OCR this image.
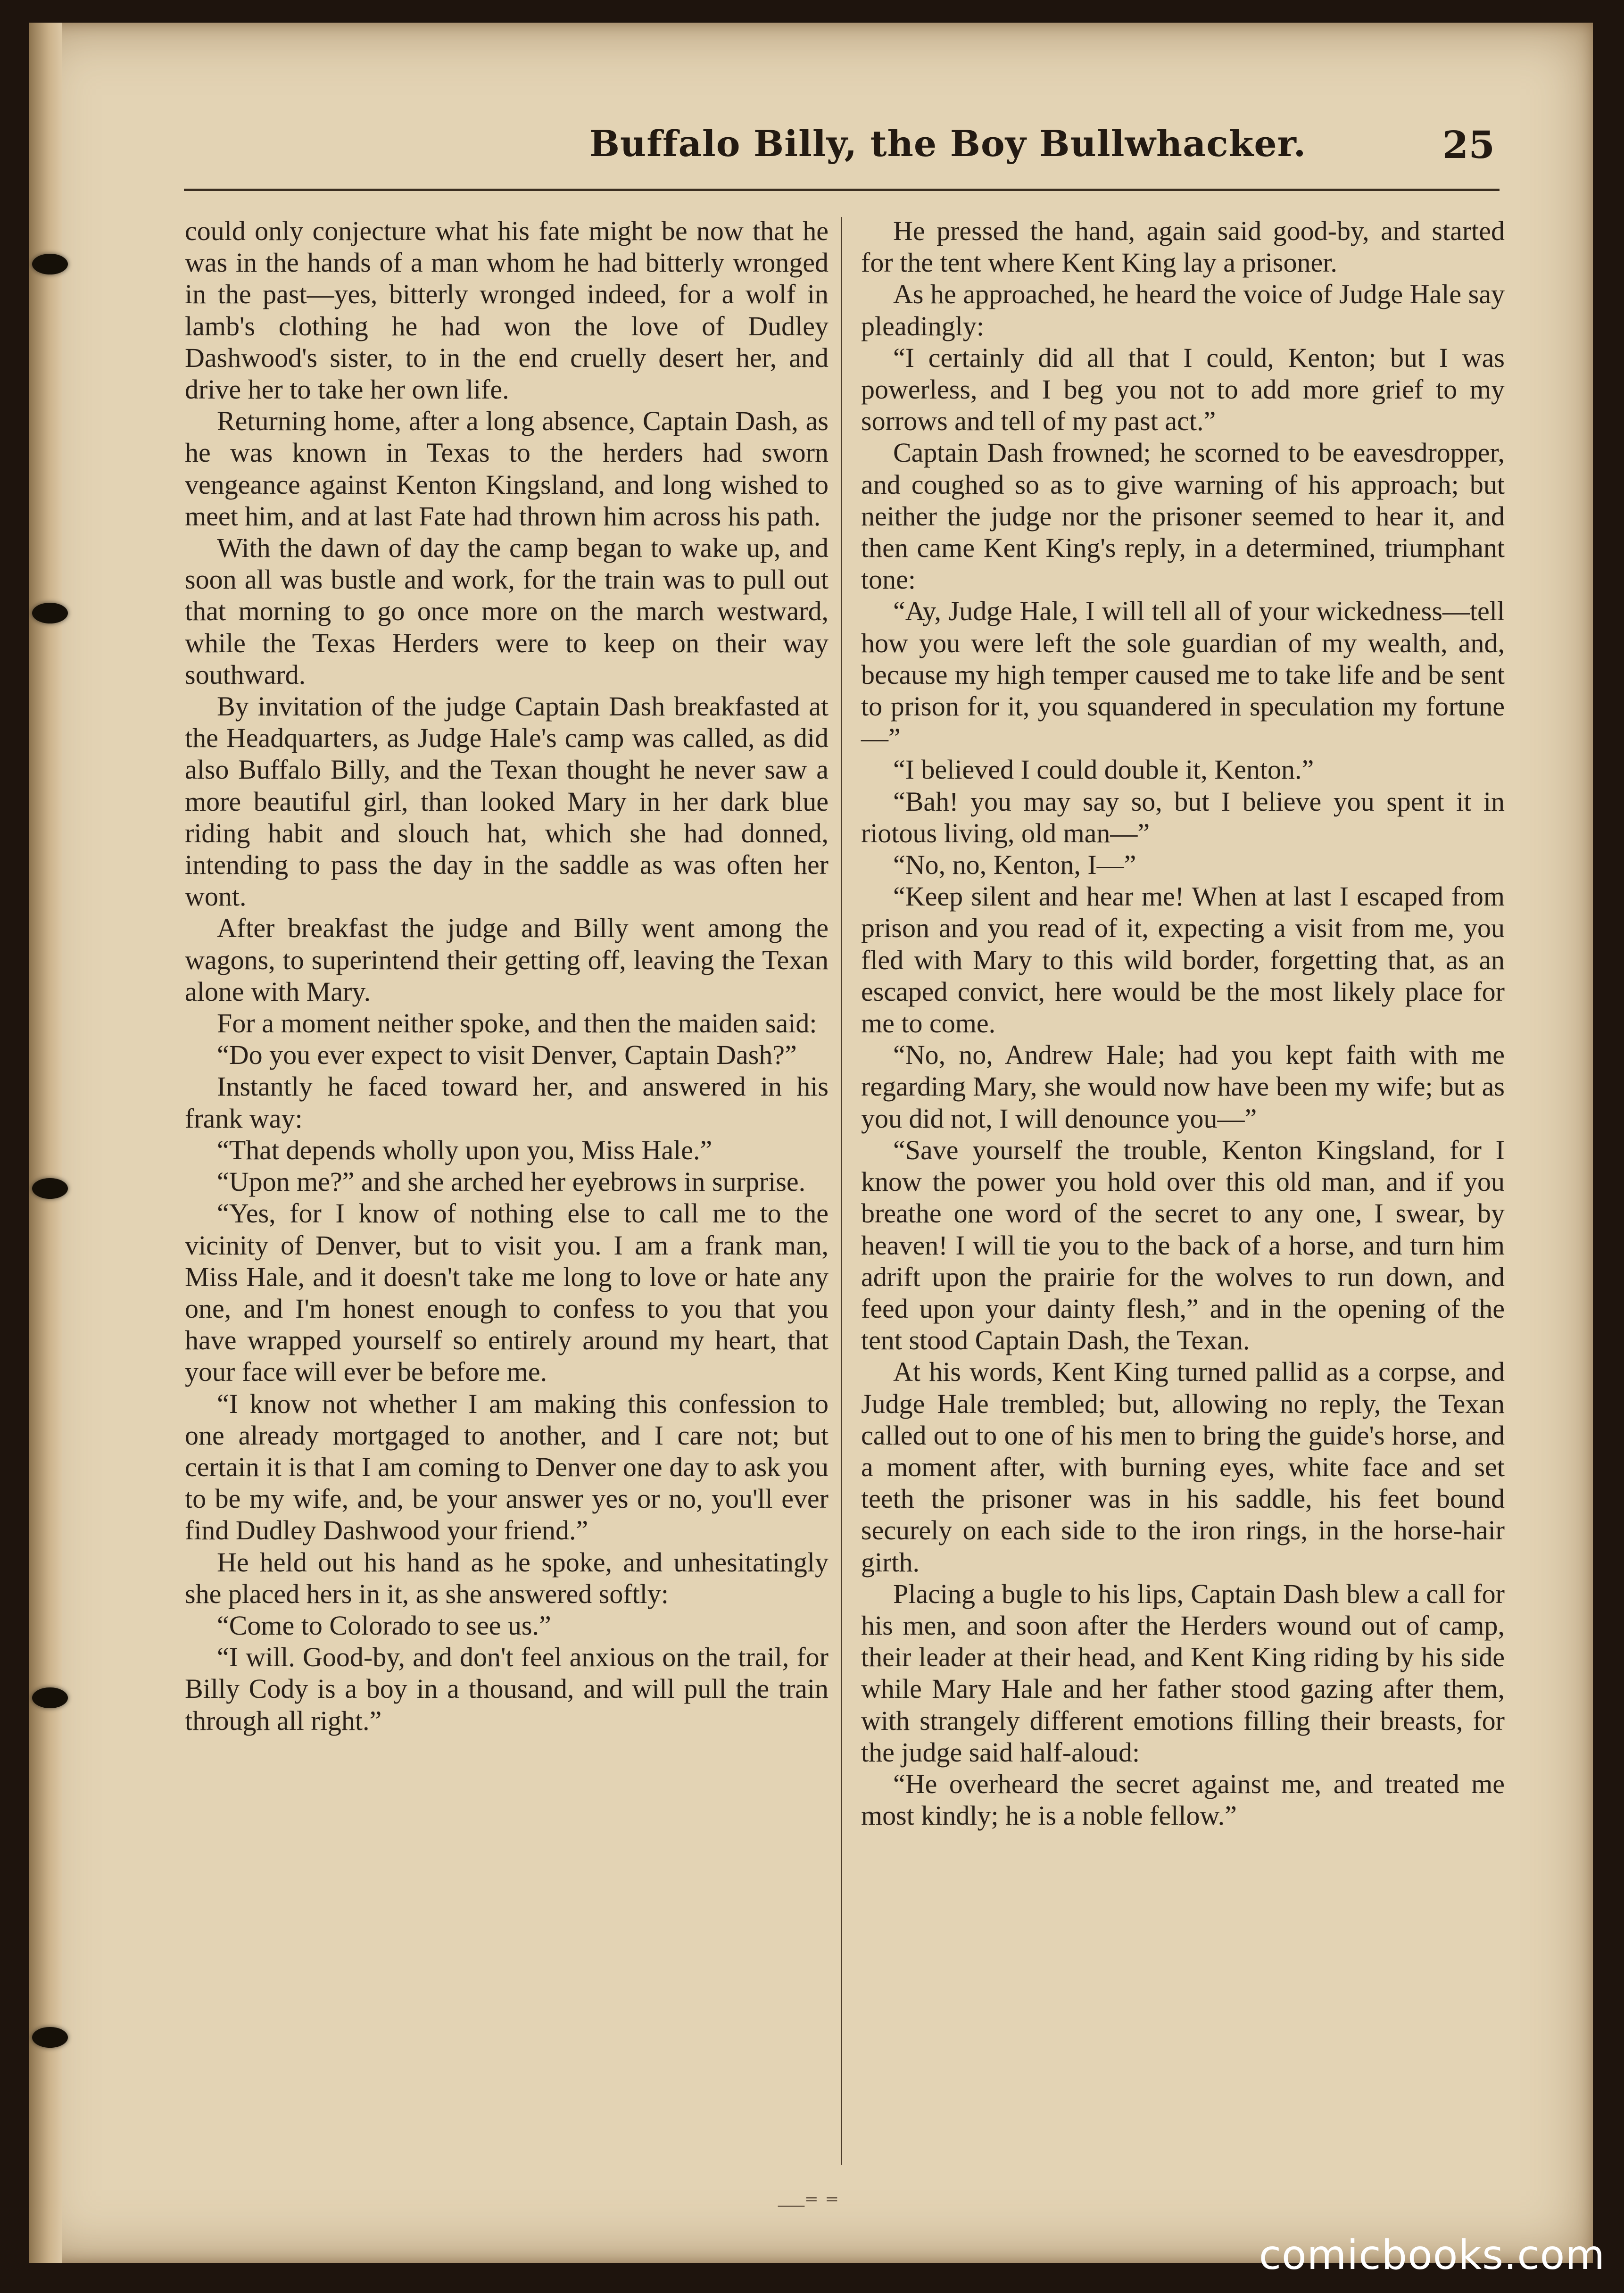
Buffalo Billy, the Boy Bullwhacker.	25

could only conjecture what his fate might be now that he was in the hands of a man whom he had bitterly wronged in the past—yes, bitterly wronged indeed, for a wolf in lamb's clothing he had won the love of Dudley Dashwood's sister, to in the end cruelly desert her, and drive her to take her own life.

Returning home, after a long absence, Captain Dash, as he was known in Texas to the herders had sworn vengeance against Kenton Kingsland, and long wished to meet him, and at last Fate had thrown him across his path.

With the dawn of day the camp began to wake up, and soon all was bustle and work, for the train was to pull out that morning to go once more on the march westward, while the Texas Herders were to keep on their way southward.

By invitation of the judge Captain Dash breakfasted at the Headquarters, as Judge Hale's camp was called, as did also Buffalo Billy, and the Texan thought he never saw a more beautiful girl, than looked Mary in her dark blue riding habit and slouch hat, which she had donned, intending to pass the day in the saddle as was often her wont.

After breakfast the judge and Billy went among the wagons, to superintend their getting off, leaving the Texan alone with Mary.

For a moment neither spoke, and then the maiden said:

“Do you ever expect to visit Denver, Captain Dash?”

Instantly he faced toward her, and answered in his frank way:

“That depends wholly upon you, Miss Hale.”

“Upon me?” and she arched her eyebrows in surprise.

“Yes, for I know of nothing else to call me to the vicinity of Denver, but to visit you. I am a frank man, Miss Hale, and it doesn't take me long to love or hate any one, and I'm honest enough to confess to you that you have wrapped yourself so entirely around my heart, that your face will ever be before me.

“I know not whether I am making this confession to one already mortgaged to another, and I care not; but certain it is that I am coming to Denver one day to ask you to be my wife, and, be your answer yes or no, you'll ever find Dudley Dashwood your friend.”

He held out his hand as he spoke, and unhesitatingly she placed hers in it, as she answered softly:

“Come to Colorado to see us.”

“I will. Good-by, and don't feel anxious on the trail, for Billy Cody is a boy in a thousand, and will pull the train through all right.”

He pressed the hand, again said good-by, and started for the tent where Kent King lay a prisoner.

As he approached, he heard the voice of Judge Hale say pleadingly:

“I certainly did all that I could, Kenton; but I was powerless, and I beg you not to add more grief to my sorrows and tell of my past act.”

Captain Dash frowned; he scorned to be eavesdropper, and coughed so as to give warning of his approach; but neither the judge nor the prisoner seemed to hear it, and then came Kent King's reply, in a determined, triumphant tone:

“Ay, Judge Hale, I will tell all of your wickedness—tell how you were left the sole guardian of my wealth, and, because my high temper caused me to take life and be sent to prison for it, you squandered in speculation my fortune—”

“I believed I could double it, Kenton.”

“Bah! you may say so, but I believe you spent it in riotous living, old man—”

“No, no, Kenton, I—”

“Keep silent and hear me! When at last I escaped from prison and you read of it, expecting a visit from me, you fled with Mary to this wild border, forgetting that, as an escaped convict, here would be the most likely place for me to come.

“No, no, Andrew Hale; had you kept faith with me regarding Mary, she would now have been my wife; but as you did not, I will denounce you—”

“Save yourself the trouble, Kenton Kingsland, for I know the power you hold over this old man, and if you breathe one word of the secret to any one, I swear, by heaven! I will tie you to the back of a horse, and turn him adrift upon the prairie for the wolves to run down, and feed upon your dainty flesh,” and in the opening of the tent stood Captain Dash, the Texan.

At his words, Kent King turned pallid as a corpse, and Judge Hale trembled; but, allowing no reply, the Texan called out to one of his men to bring the guide's horse, and a moment after, with burning eyes, white face and set teeth the prisoner was in his saddle, his feet bound securely on each side to the iron rings, in the horse-hair girth.

Placing a bugle to his lips, Captain Dash blew a call for his men, and soon after the Herders wound out of camp, their leader at their head, and Kent King riding by his side while Mary Hale and her father stood gazing after them, with strangely different emotions filling their breasts, for the judge said half-aloud:

“He overheard the secret against me, and treated me most kindly; he is a noble fellow.”

—⁼ ⁼
comicbooks.com
